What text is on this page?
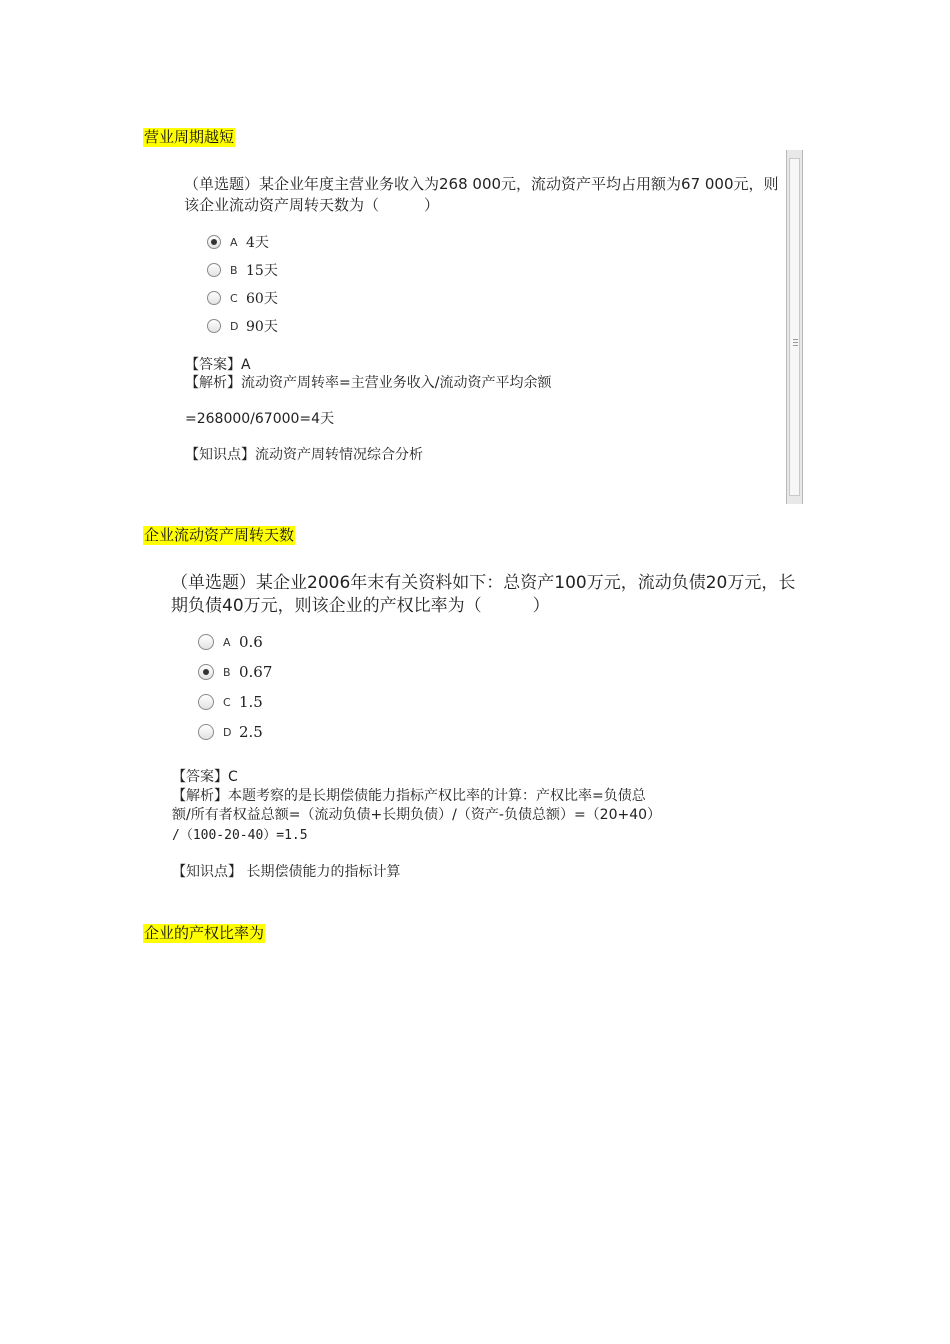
营业周期越短
（单选题）某企业年度主营业务收入为268 000元，流动资产平均占用额为67 000元，则该企业流动资产周转天数为（　　　）
A 4天
B 15天
C 60天
D 90天
【答案】A
【解析】流动资产周转率=主营业务收入/流动资产平均余额
=268000/67000=4天
【知识点】流动资产周转情况综合分析
企业流动资产周转天数
（单选题）某企业2006年末有关资料如下：总资产100万元，流动负债20万元，长期负债40万元，则该企业的产权比率为（　　　）
A 0.6
B 0.67
C 1.5
D 2.5
【答案】C
【解析】本题考察的是长期偿债能力指标产权比率的计算：产权比率=负债总
额/所有者权益总额=（流动负债+长期负债）/（资产-负债总额）=（20+40）
/（100-20-40）=1.5
【知识点】 长期偿债能力的指标计算
企业的产权比率为
